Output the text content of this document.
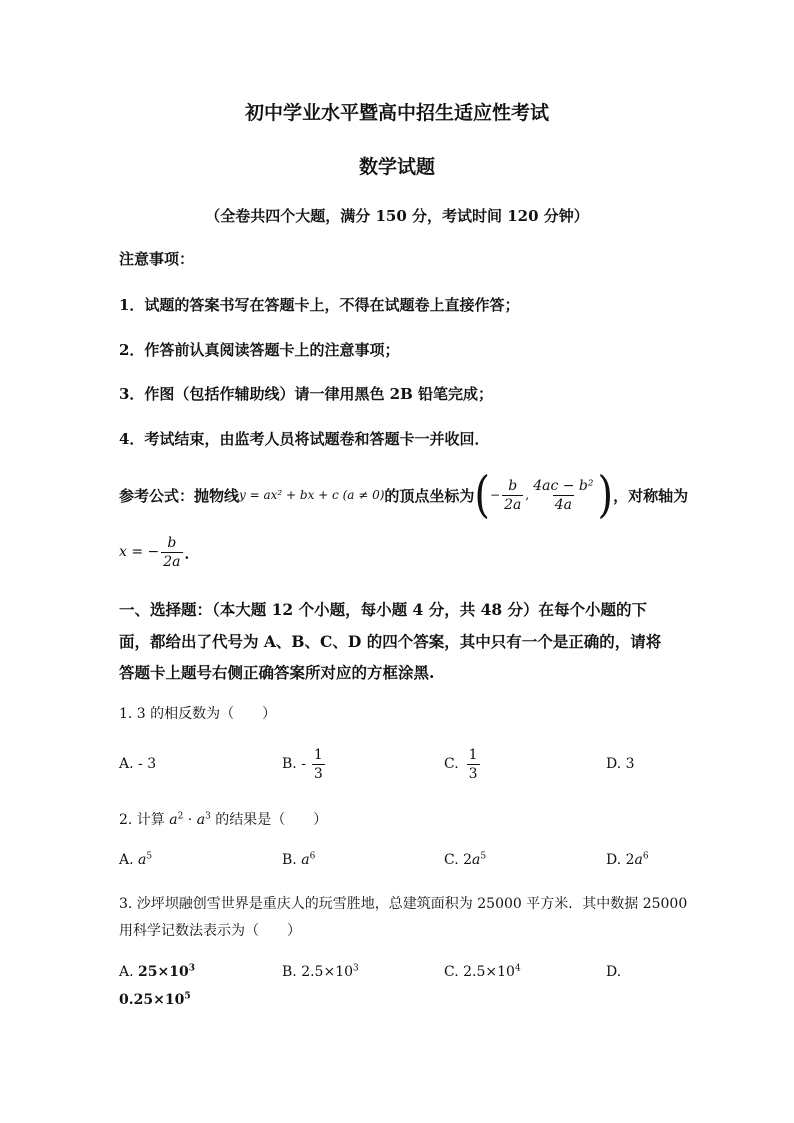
初中学业水平暨高中招生适应性考试
数学试题
（全卷共四个大题，满分 150 分，考试时间 120 分钟）
注意事项：
1．试题的答案书写在答题卡上，不得在试题卷上直接作答；
2．作答前认真阅读答题卡上的注意事项；
3．作图（包括作辅助线）请一律用黑色 2B 铅笔完成；
4．考试结束，由监考人员将试题卷和答题卡一并收回．
参考公式：抛物线 y = ax² + bx + c (a ≠ 0) 的顶点坐标为 ( − $\frac{b}{2a}$ , $\frac{\text{4ac − b²}}{4a}$ ) ，对称轴为
x = − $\frac{b}{2a}$ ．
一、选择题：（本大题 12 个小题，每小题 4 分，共 48 分）在每个小题的下
面，都给出了代号为 A、B、C、D 的四个答案，其中只有一个是正确的，请将
答题卡上题号右侧正确答案所对应的方框涂黑.
1. 3 的相反数为（　　）
A. - 3	B. - $\frac{1}{3}$	C. $\frac{1}{3}$	D. 3
2. 计算 $a^2 \cdot a^3$ 的结果是（　　）
A. $a^5$	B. $a^6$	C. $2a^5$	D. $2a^6$
3. 沙坪坝融创雪世界是重庆人的玩雪胜地，总建筑面积为 25000 平方米．其中数据 25000
用科学记数法表示为（　　）
A. $25\times 10^3$	B. $2.5\times 10^3$	C. $2.5\times 10^4$	D.
$0.25\times 10^5$
